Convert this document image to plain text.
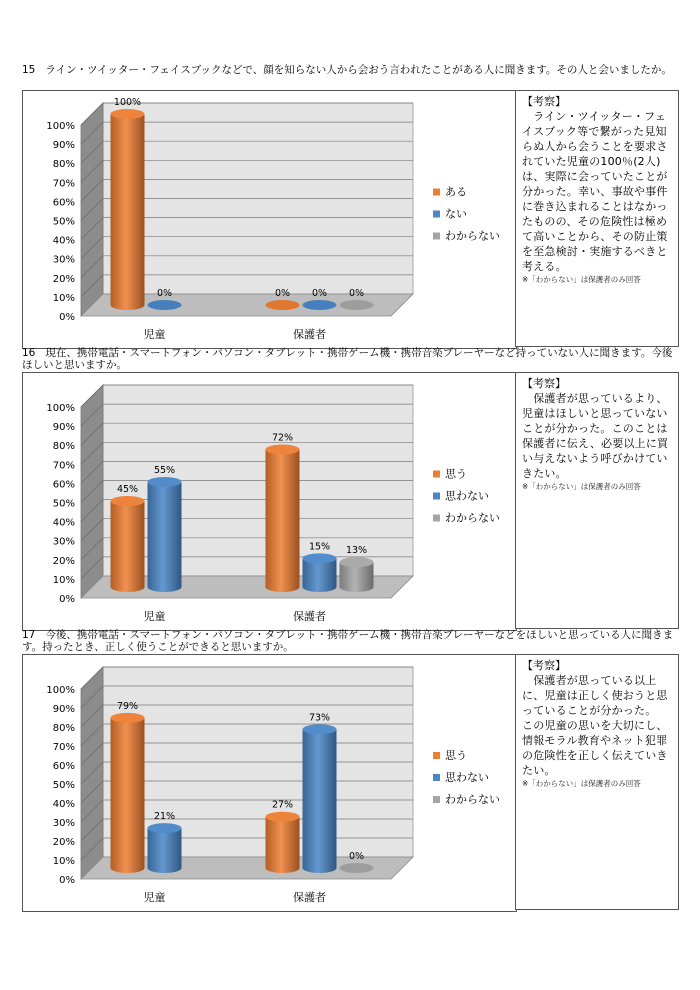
15 ライン・ツイッター・フェイスブックなどで、顔を知らない人から会おう言われたことがある人に聞きます。その人と会いましたか。
0%
10%
20%
30%
40%
50%
60%
70%
80%
90%
100%
100%
0%
児童
0% 0% 0%
保護者
ある
ない
わからない
【考察】
　ライン・ツイッター・フェイスブック等で繋がった見知らぬ人から会うことを要求されていた児童の100％(2人)は、実際に会っていたことが分かった。幸い、事故や事件に巻き込まれることはなかったものの、その危険性は極めて高いことから、その防止策を至急検討・実施するべきと考える。
※「わからない」は保護者のみ回答
16 現在、携帯電話・スマートフォン・パソコン・タブレット・携帯ゲーム機・携帯音楽プレーヤーなど持っていない人に聞きます。今後ほしいと思いますか。
0%
10%
20%
30%
40%
50%
60%
70%
80%
90%
100%
45%
55%
児童
72%
15% 13%
保護者
思う
思わない
わからない
【考察】
　保護者が思っているより、児童はほしいと思っていないことが分かった。このことは保護者に伝え、必要以上に買い与えないよう呼びかけていきたい。
※「わからない」は保護者のみ回答
17 今後、携帯電話・スマートフォン・パソコン・タブレット・携帯ゲーム機・携帯音楽プレーヤーなどをほしいと思っている人に聞きます。持ったとき、正しく使うことができると思いますか。
0%
10%
20%
30%
40%
50%
60%
70%
80%
90%
100%
79%
21%
児童
27%
73%
0%
保護者
思う
思わない
わからない
【考察】
　保護者が思っている以上に、児童は正しく使おうと思っていることが分かった。
この児童の思いを大切にし、情報モラル教育やネット犯罪の危険性を正しく伝えていきたい。
※「わからない」は保護者のみ回答
